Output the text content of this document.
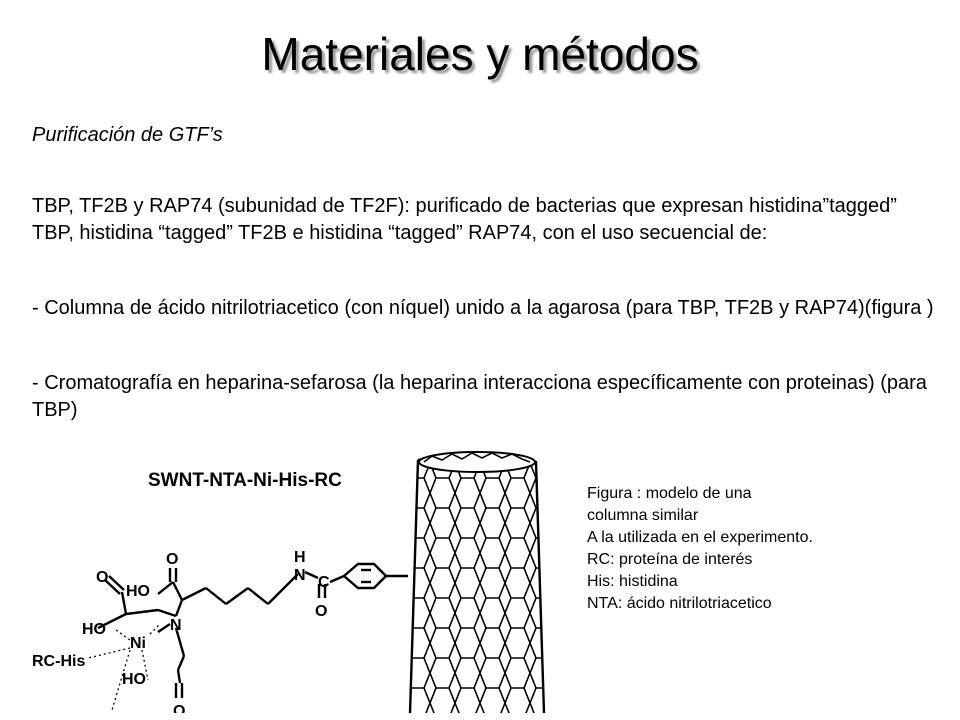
Materiales y métodos
Purificación de GTF’s
TBP, TF2B y RAP74 (subunidad de TF2F): purificado de bacterias que expresan histidina”tagged” TBP, histidina “tagged” TF2B e histidina “tagged” RAP74, con el uso secuencial de:
- Columna de ácido nitrilotriacetico (con níquel) unido a la agarosa (para TBP, TF2B y RAP74)(figura )
- Cromatografía en heparina-sefarosa (la heparina interacciona específicamente con proteinas) (para TBP)
SWNT-NTA-Ni-His-RC
O
HO
O
H
N C
O
N
HO
Ni
RC-His
HO
O
Figura : modelo de una
columna similar
A la utilizada en el experimento.
RC: proteína de interés
His: histidina
NTA: ácido nitrilotriacetico
